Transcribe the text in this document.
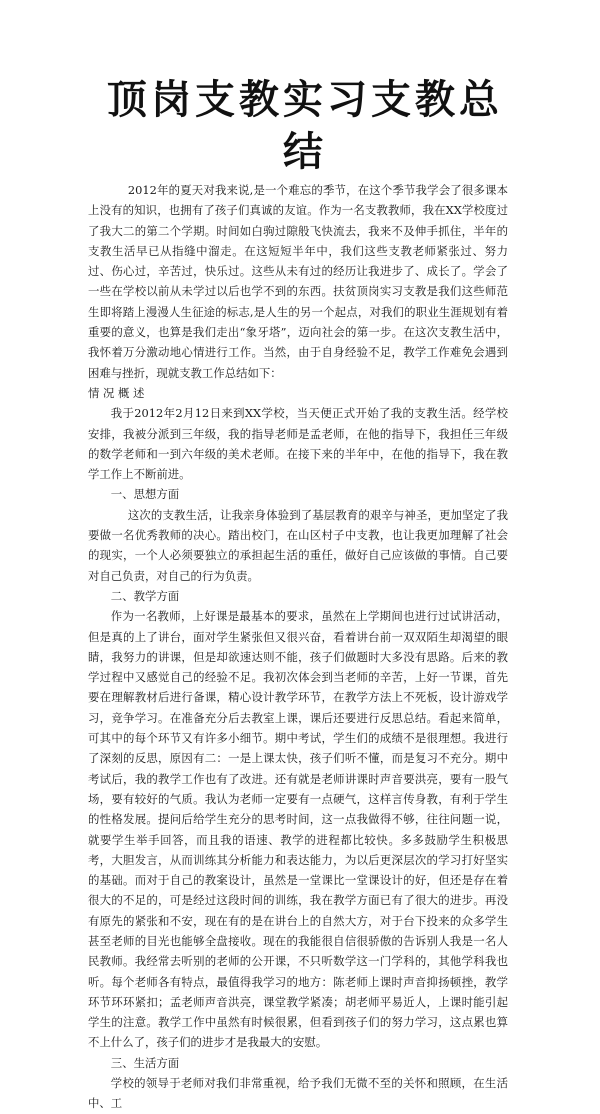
顶岗支教实习支教总结

2012年的夏天对我来说,是一个难忘的季节，在这个季节我学会了很多课本上没有的知识，也拥有了孩子们真诚的友谊。作为一名支教教师，我在XX学校度过了我大二的第二个学期。时间如白驹过隙般飞快流去，我来不及伸手抓住，半年的支教生活早已从指缝中溜走。在这短短半年中，我们这些支教老师紧张过、努力过、伤心过，辛苦过，快乐过。这些从未有过的经历让我进步了、成长了。学会了一些在学校以前从未学过以后也学不到的东西。扶贫顶岗实习支教是我们这些师范生即将踏上漫漫人生征途的标志,是人生的另一个起点，对我们的职业生涯规划有着重要的意义，也算是我们走出“象牙塔”，迈向社会的第一步。在这次支教生活中，我怀着万分激动地心情进行工作。当然，由于自身经验不足，教学工作难免会遇到困难与挫折，现就支教工作总结如下：

情 况 概 述

我于2012年2月12日来到XX学校，当天便正式开始了我的支教生活。经学校安排，我被分派到三年级，我的指导老师是孟老师，在他的指导下，我担任三年级的数学老师和一到六年级的美术老师。在接下来的半年中，在他的指导下，我在教学工作上不断前进。

一、思想方面

这次的支教生活，让我亲身体验到了基层教育的艰辛与神圣，更加坚定了我要做一名优秀教师的决心。踏出校门，在山区村子中支教，也让我更加理解了社会的现实，一个人必须要独立的承担起生活的重任，做好自己应该做的事情。自己要对自己负责，对自己的行为负责。

二、教学方面

作为一名教师，上好课是最基本的要求，虽然在上学期间也进行过试讲活动，但是真的上了讲台，面对学生紧张但又很兴奋，看着讲台前一双双陌生却渴望的眼睛，我努力的讲课，但是却欲速达则不能，孩子们做题时大多没有思路。后来的教学过程中又感觉自己的经验不足。我初次体会到当老师的辛苦，上好一节课，首先要在理解教材后进行备课，精心设计教学环节，在教学方法上不死板，设计游戏学习，竞争学习。在准备充分后去教室上课，课后还要进行反思总结。看起来简单，可其中的每个环节又有许多小细节。期中考试，学生们的成绩不是很理想。我进行了深刻的反思，原因有二：一是上课太快，孩子们听不懂，而是复习不充分。期中考试后，我的教学工作也有了改进。还有就是老师讲课时声音要洪亮，要有一股气场，要有较好的气质。我认为老师一定要有一点硬气，这样言传身教，有利于学生的性格发展。提问后给学生充分的思考时间，这一点我做得不够，往往问题一说，就要学生举手回答，而且我的语速、教学的进程都比较快。多多鼓励学生积极思考，大胆发言，从而训练其分析能力和表达能力，为以后更深层次的学习打好坚实的基础。而对于自己的教案设计，虽然是一堂课比一堂课设计的好，但还是存在着很大的不足的，可是经过这段时间的训练，我在教学方面已有了很大的进步。再没有原先的紧张和不安，现在有的是在讲台上的自然大方，对于台下投来的众多学生甚至老师的目光也能够全盘接收。现在的我能很自信很骄傲的告诉别人我是一名人民教师。我经常去听别的老师的公开课，不只听数学这一门学科的，其他学科我也听。每个老师各有特点，最值得我学习的地方：陈老师上课时声音抑扬顿挫，教学环节环环紧扣；孟老师声音洪亮，课堂教学紧凑；胡老师平易近人，上课时能引起学生的注意。教学工作中虽然有时候很累，但看到孩子们的努力学习，这点累也算不上什么了，孩子们的进步才是我最大的安慰。

三、生活方面

学校的领导于老师对我们非常重视，给予我们无微不至的关怀和照顾，在生活中、工
